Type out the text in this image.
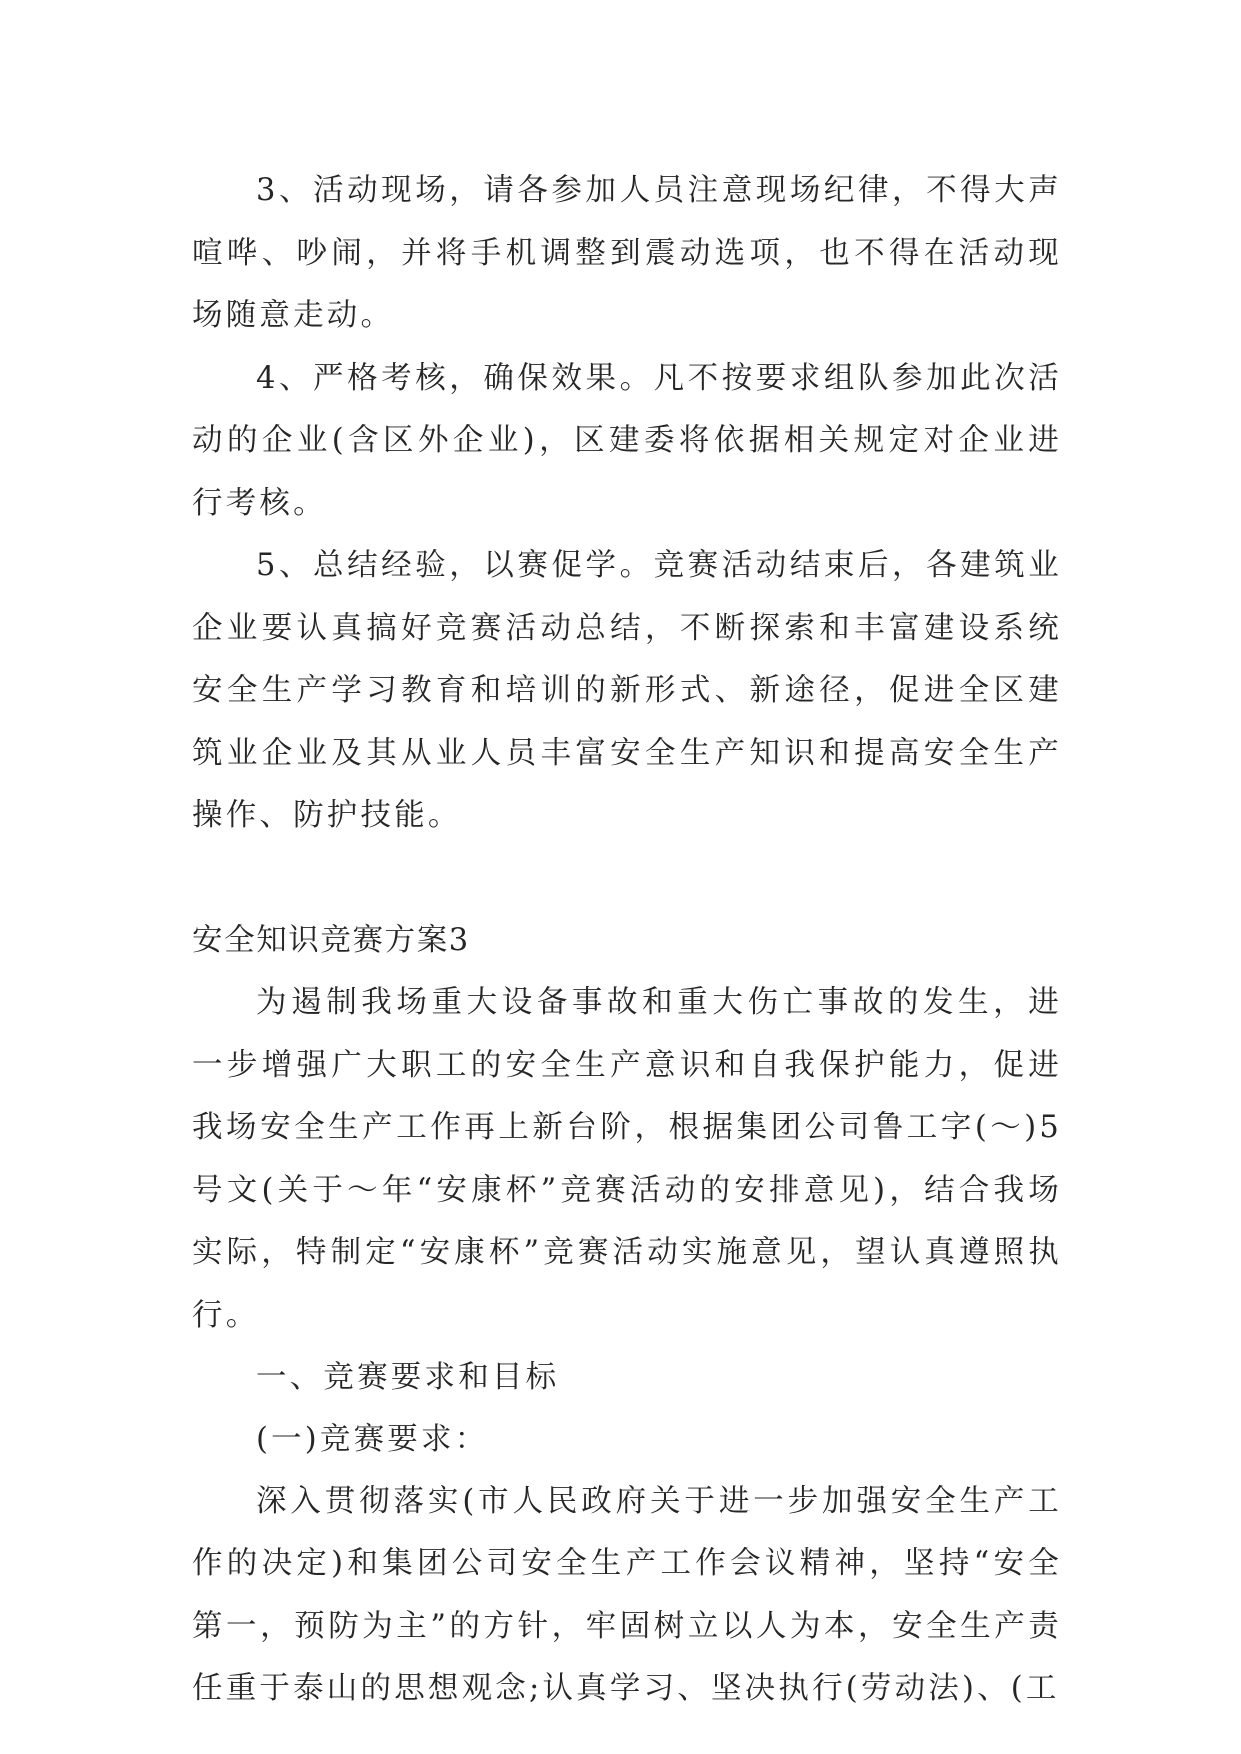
3、活动现场，请各参加人员注意现场纪律，不得大声喧哗、吵闹，并将手机调整到震动选项，也不得在活动现场随意走动。

4、严格考核，确保效果。凡不按要求组队参加此次活动的企业(含区外企业)，区建委将依据相关规定对企业进行考核。

5、总结经验，以赛促学。竞赛活动结束后，各建筑业企业要认真搞好竞赛活动总结，不断探索和丰富建设系统安全生产学习教育和培训的新形式、新途径，促进全区建筑业企业及其从业人员丰富安全生产知识和提高安全生产操作、防护技能。

安全知识竞赛方案3

为遏制我场重大设备事故和重大伤亡事故的发生，进一步增强广大职工的安全生产意识和自我保护能力，促进我场安全生产工作再上新台阶，根据集团公司鲁工字(～)5号文(关于～年“安康杯”竞赛活动的安排意见)，结合我场实际，特制定“安康杯”竞赛活动实施意见，望认真遵照执行。

一、竞赛要求和目标

(一)竞赛要求：

深入贯彻落实(市人民政府关于进一步加强安全生产工作的决定)和集团公司安全生产工作会议精神，坚持“安全第一，预防为主”的方针，牢固树立以人为本，安全生产责任重于泰山的思想观念;认真学习、坚决执行(劳动法)、(工
